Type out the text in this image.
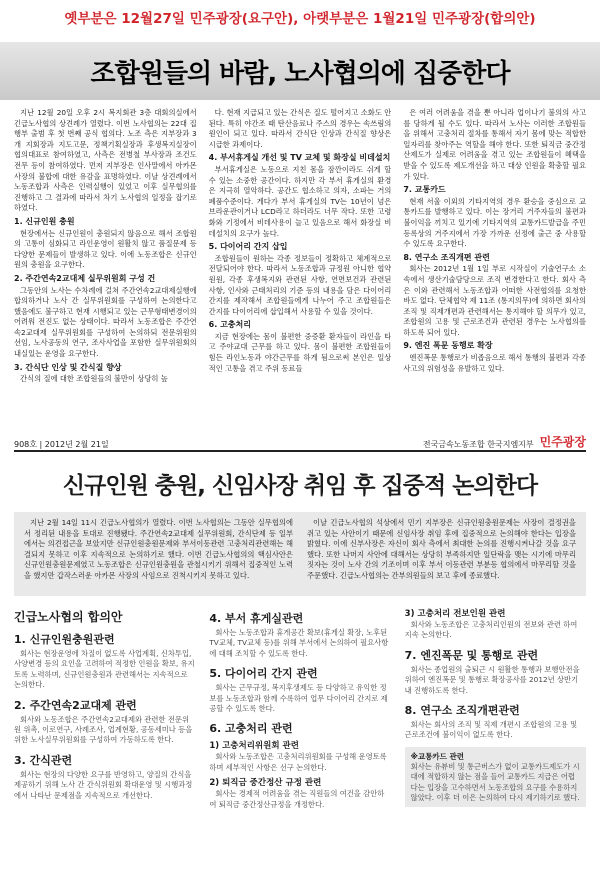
옛부분은 12월27일 민주광장(요구안), 아랫부분은 1월21일 민주광장(합의안)
조합원들의 바람, 노사협의에 집중한다

지난 12월 20일 오후 2시 복지회관 3층 대회의실에서 긴급노사협의 상견례가 열렸다. 이번 노사협의는 22대 집행부 출범 후 첫 번째 공식 협의다. 노조 측은 지부장과 3개 지회장과 지도고문, 정책기획실장과 후생복지실장이 협의대표로 참여하였고, 사측은 전병철 부사장과 조건도 전무 등이 참여하였다. 먼저 지부장은 인사말에서 아카몬 사장의 불합에 대한 유감을 표명하였다. 이날 상견례에서 노동조합과 사측은 인력실행이 있었고 이후 실무협의를 진행하고 그 결과에 따라서 차기 노사협의 일정을 잡기로 하였다.

1. 신규인원 충원

현장에서는 신규인원이 충원되지 않음으로 해서 조합원의 고통이 심화되고 라인운영이 원활치 않고 품질문제 등 다양한 문제들이 발생하고 있다. 이에 노동조합은 신규인원의 충원을 요구한다.

2. 주간연속2교대제 실무위원회 구성 건

그동안의 노사는 수차례에 걸쳐 주간연속2교대제실행에 합의하거나 노사 간 실무위원회를 구성하여 논의한다고 했음에도 불구하고 현재 시행되고 있는 근무형태변경이의 어려워 전진도 없는 상태이다. 따라서 노동조합은 주간연속2교대제 실무위원회를 구성하여 논의하되 전문위원의 선임, 노사공동의 연구, 조사사업을 포함한 실무위원회의 내실있는 운영을 요구한다.

3. 간식단 인상 및 간식질 향상

간식의 질에 대한 조합원들의 불만이 상당히 높

다. 현재 지급되고 있는 간식은 질도 떨어지고 소화도 안된다. 특히 야간조 때 탄산음료나 주스의 경우는 속쓰림의 원인이 되고 있다. 따라서 간식단 인상과 간식질 향상은 시급한 과제이다.

4. 부서휴게실 개선 및 TV 교체 및 화장실 비데설치

부서휴게실은 노동으로 지친 몸을 잠깐이라도 쉬게 할 수 있는 소중한 공간이다. 하지만 각 부서 휴게실의 환경은 지극히 열악하다. 공간도 협소하고 의자, 소파는 거의 폐품수준이다. 게다가 부서 휴게실의 TV는 10년이 넘은 브라운관이거나 LCD라고 하더라도 너무 작다. 또한 고령화와 기정에서 비데사용이 늘고 있음으로 해서 화장실 비데설치의 요구가 높다.

5. 다이어리 간지 삽입

조합원들이 원하는 각종 정보들이 정확하고 체계적으로 전달되어야 한다. 따라서 노동조합과 규정원 아니한 협약원원, 각종 후생복지와 관련된 사항, 연면보건과 관련된 사항, 인사와 근태처리의 기준 등의 내용을 담은 다이어리 간지를 제작해서 조합원들에게 나누어 주고 조합원들은 간지를 다이어리에 삽입해서 사용할 수 있을 것이다.

6. 고충처리

지금 현장에는 몸이 불편한 중증환 환자들이 라인을 타고 주야교대 근무를 하고 있다. 몸이 불편한 조합원들이 힘든 라인노동과 야간근무를 하게 됨으로써 본인은 일상적인 고통을 겪고 주위 동료들

은 여러 어려움을 겪을 뿐 아니라 업이나기 불의의 사고를 당하게 될 수도 있다. 따라서 노사는 이러한 조합원들을 위해서 고충처리 절차를 통해서 자기 몸에 맞는 적합한 일자리를 찾아주는 역할을 해야 한다. 또한 퇴직금 중간정산제도가 실제로 어려움을 겪고 있는 조합원들이 혜택을 받을 수 있도록 제도개선을 하고 대상 인원을 확충할 필요가 있다.

7. 교통카드

현재 서울 이외의 기타지역의 경우 환승을 중심으로 교통카드를 발행하고 있다. 이는 장거리 거주자들의 불편과 불이익을 끼치고 있기에 기타지역의 교통카드발급을 주민등록상의 거주지에서 가장 가까운 선정에 출근 중 사용할 수 있도록 요구한다.

8. 연구소 조직개편 관련

회사는 2012년 1월 1일 부로 시작실이 기술연구소 소속에서 생산기술담당으로 조직 변경한다고 한다. 회사 측은 이와 관련해서 노동조합과 어떠한 사전협의를 요청한 바도 없다. 단체협약 제 11조 (통지의무)에 의하면 회사의 조직 및 직제개편과 관련해서는 통지해야 할 의무가 있고, 조합원의 고용 및 근로조건과 관련된 경우는 노사협의를 하도록 되어 있다.

9. 엔진 폭문 동행로 확장

엔진폭문 통행로가 비좁음으로 해서 통행의 불편과 각종 사고의 위험성을 유발하고 있다.

908호 | 2012년 2월 21일	전국금속노동조합 한국지엠지부 민주광장
신규인원 충원, 신임사장 취임 후 집중적 논의한다

지난 2월 14일 11시 긴급노사협의가 열렸다. 이번 노사협의는 그동안 실무협의에서 정리된 내용을 토대로 진행됐다. 주간연속2교대제 실무위원회, 간식단제 등 일부에서는 의견접근을 보았지만 신규인원충원문제와 부서이동관련 고충처리관련해는 해결되지 못하고 이후 지속적으로 논의하기로 했다. 이번 긴급노사협의의 핵심사안은 신규인원충원문제였고 노동조합은 신규인원충원을 관철시키기 위해서 집중적인 노력을 했지만 갑작스러운 아카몬 사장의 사임으로 진척시키지 못하고 있다.

이날 긴급노사협의 석상에서 민기 지부장은 신규인원충원문제는 사장이 결정권을 쥐고 있는 사안이기 때문에 신임사장 취임 후에 집중적으로 논의해야 한다는 입장을 밝혔다. 이에 신부사장은 자신이 회사 측에서 최대한 논의를 진행시켜나갈 것을 요구했다. 또한 나머지 사안에 대해서는 상당히 부족하지만 일단락을 맺는 시기에 마무리 짓자는 것이 노사 간의 기조이며 이후 부서 이동관련 부분등 협의에서 마무리할 것을 주문했다. 긴급노사협의는 간부의원들의 보고 후에 종료했다.

긴급노사협의 합의안
1. 신규인원충원관련
회사는 현장운영에 차질이 없도록 사업계획, 신차투입, 사양변경 등의 요인을 고려하여 적정한 인원을 확보, 유지토록 노력하며, 신규인원충원과 관련해서는 지속적으로 논의한다.
2. 주간연속2교대제 관련
회사와 노동조합은 주간연속2교대제와 관련한 전문위원 위촉, 이로연구, 사례조사, 업계현황, 공동세미나 등을 위한 노사실무위원회를 구성하여 가동하도록 한다.
3. 간식관련
회사는 현장의 다양한 요구를 반영하고, 양질의 간식을 제공하기 위해 노사 간 간식위원회 확대운영 및 시행과정에서 나타난 문제점을 지속적으로 개선한다.
4. 부서 휴게실관련
회사는 노동조합과 휴게공간 확보(휴게실 확장, 노후된 TV교체, TV교체 등)를 위해 부서에서 논의하여 필요사항에 대해 조치할 수 있도록 한다.
5. 다이어리 간지 관련
회사는 근무규정, 복지후생제도 등 다양하고 유익한 정보를 노동조합과 함께 수록하여 업무 다이어리 간지로 제공할 수 있도록 한다.
6. 고충처리 관련
1) 고충처리위원회 관련
회사와 노동조합은 고충처리위원회를 구성해 운영토록 하며 세부적인 사항은 선구 논의한다.
2) 퇴직금 중간정산 규정 관련
회사는 경제적 어려움을 겪는 직원들의 여건을 감안하여 퇴직금 중간정산규정을 개정한다.
3) 고충처리 전보인원 관련
회사와 노동조합은 고충처리인원의 전보와 관련 하여 지속 논의한다.
7. 엔진폭문 및 통행로 관련
회사는 종업원의 출퇴근 시 원활한 통행과 보행안전을 위하여 엔진폭문 및 통행로 확장공사를 2012년 상반기 내 진행하도록 한다.
8. 연구소 조직개편관련
회사는 회사의 조직 및 직제 개편시 조합원의 고용 및 근로조건에 불이익이 없도록 한다.
※교통카드 관련
회사는 유뷰비 및 통근버스가 없이 교통카드제도가 시대에 적합하지 않는 점을 들어 교통카드 지급은 어렵다는 입장을 고수하면서 노동조합의 요구를 수용하지 않았다. 이후 더 이은 논의하여 다시 제기하기로 했다.
